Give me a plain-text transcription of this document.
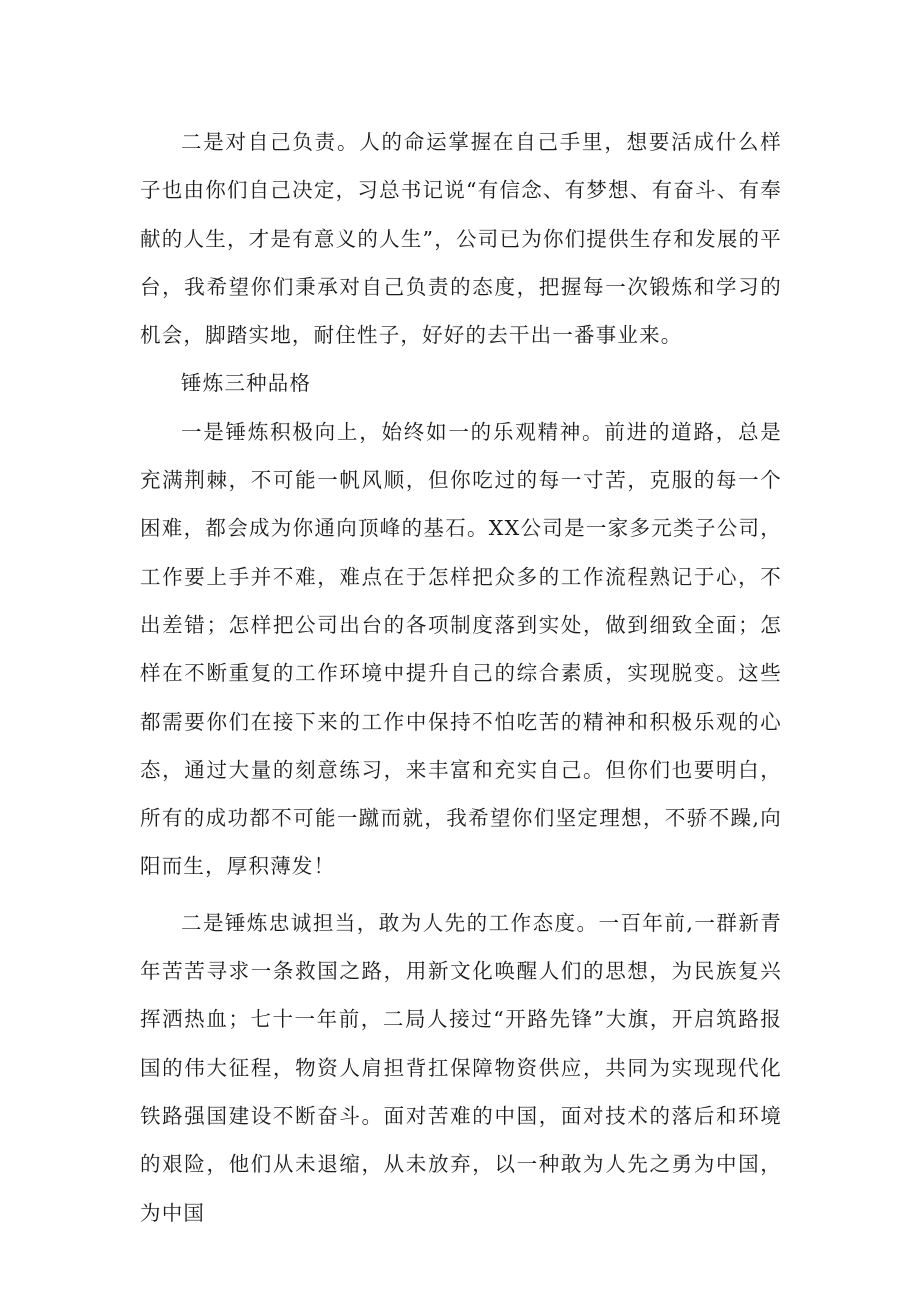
二是对自己负责。人的命运掌握在自己手里，想要活成什么样子也由你们自己决定，习总书记说“有信念、有梦想、有奋斗、有奉献的人生，才是有意义的人生”，公司已为你们提供生存和发展的平台，我希望你们秉承对自己负责的态度，把握每一次锻炼和学习的机会，脚踏实地，耐住性子，好好的去干出一番事业来。

锤炼三种品格

一是锤炼积极向上，始终如一的乐观精神。前进的道路，总是充满荆棘，不可能一帆风顺，但你吃过的每一寸苦，克服的每一个困难，都会成为你通向顶峰的基石。XX公司是一家多元类子公司，工作要上手并不难，难点在于怎样把众多的工作流程熟记于心，不出差错；怎样把公司出台的各项制度落到实处，做到细致全面；怎样在不断重复的工作环境中提升自己的综合素质，实现脱变。这些都需要你们在接下来的工作中保持不怕吃苦的精神和积极乐观的心态，通过大量的刻意练习，来丰富和充实自己。但你们也要明白，所有的成功都不可能一蹴而就，我希望你们坚定理想，不骄不躁,向阳而生，厚积薄发！

二是锤炼忠诚担当，敢为人先的工作态度。一百年前,一群新青年苦苦寻求一条救国之路，用新文化唤醒人们的思想，为民族复兴挥洒热血；七十一年前，二局人接过“开路先锋”大旗，开启筑路报国的伟大征程，物资人肩担背扛保障物资供应，共同为实现现代化铁路强国建设不断奋斗。面对苦难的中国，面对技术的落后和环境的艰险，他们从未退缩，从未放弃，以一种敢为人先之勇为中国，为中国
